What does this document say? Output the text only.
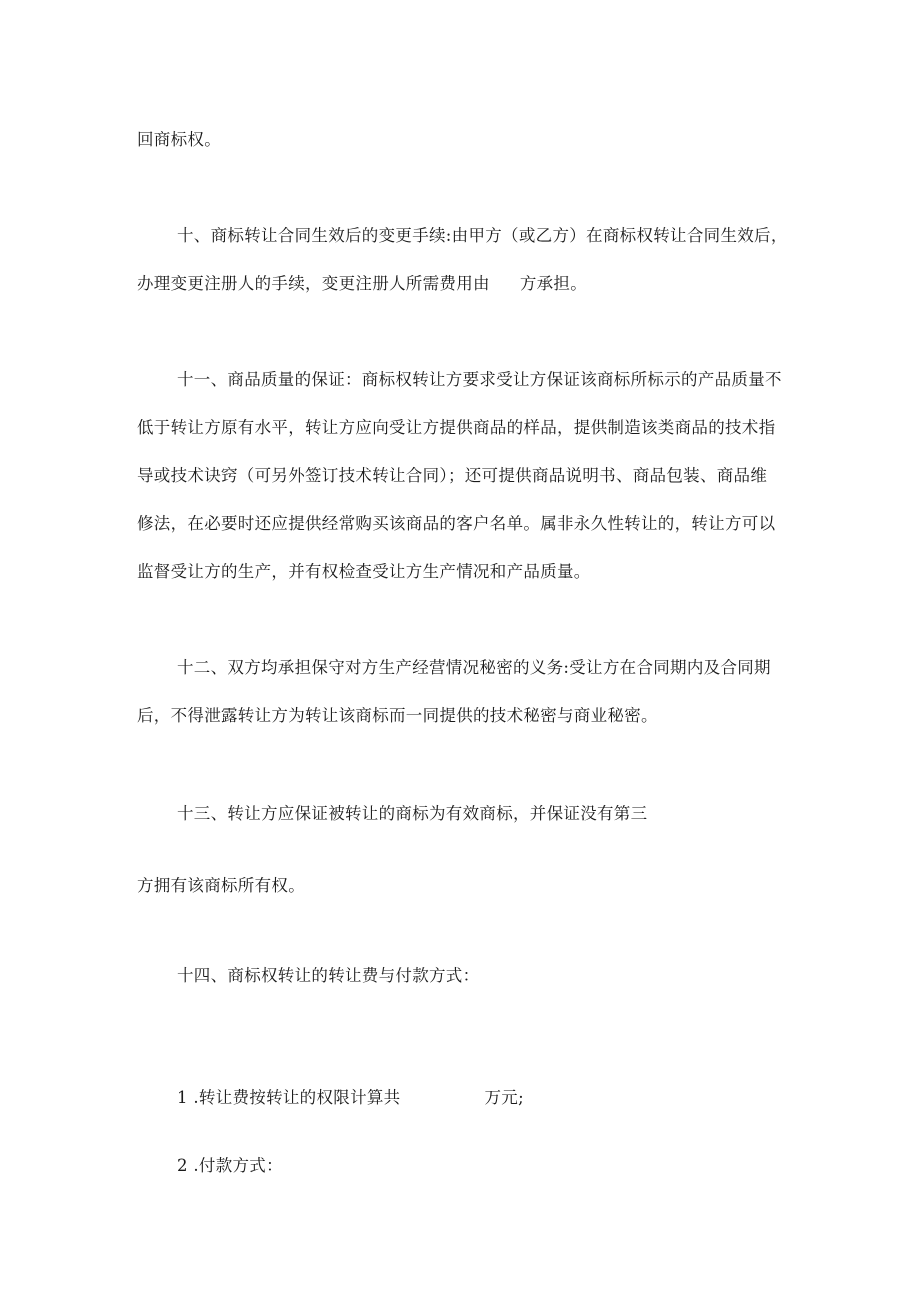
回商标权。
十、商标转让合同生效后的变更手续:由甲方（或乙方）在商标权转让合同生效后，
办理变更注册人的手续，变更注册人所需费用由 方承担。
十一、商品质量的保证：商标权转让方要求受让方保证该商标所标示的产品质量不
低于转让方原有水平，转让方应向受让方提供商品的样品，提供制造该类商品的技术指
导或技术诀窍（可另外签订技术转让合同）；还可提供商品说明书、商品包装、商品维
修法，在必要时还应提供经常购买该商品的客户名单。属非永久性转让的，转让方可以
监督受让方的生产，并有权检查受让方生产情况和产品质量。
十二、双方均承担保守对方生产经营情况秘密的义务:受让方在合同期内及合同期
后，不得泄露转让方为转让该商标而一同提供的技术秘密与商业秘密。
十三、转让方应保证被转让的商标为有效商标，并保证没有第三
方拥有该商标所有权。
十四、商标权转让的转让费与付款方式：
1 .转让费按转让的权限计算共	万元;
2 .付款方式：
